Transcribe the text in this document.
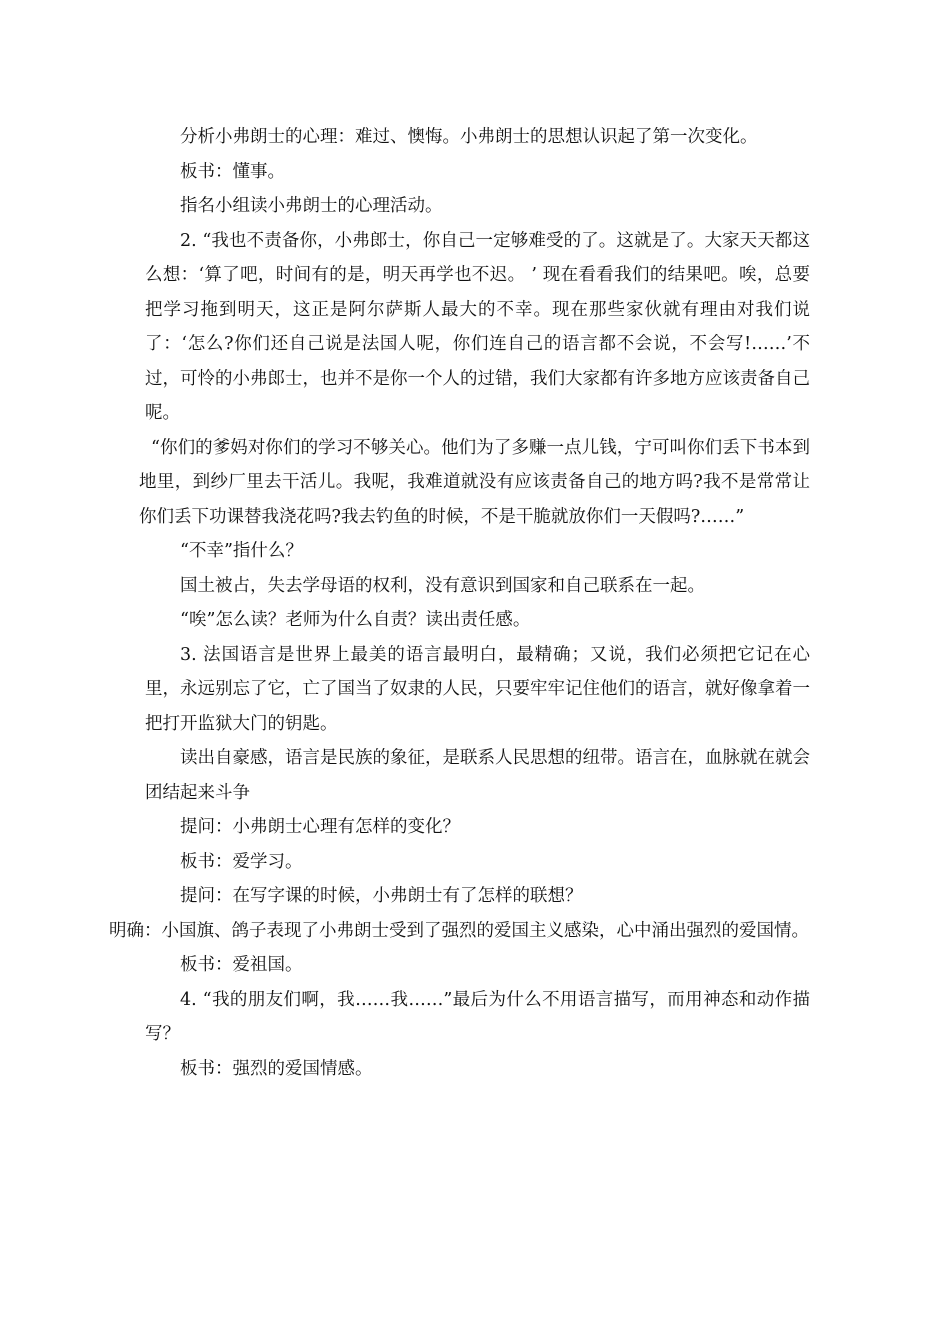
分析小弗朗士的心理：难过、懊悔。小弗朗士的思想认识起了第一次变化。

板书：懂事。

指名小组读小弗朗士的心理活动。

2. “我也不责备你，小弗郎士，你自己一定够难受的了。这就是了。大家天天都这么想：‘算了吧，时间有的是，明天再学也不迟。 ’ 现在看看我们的结果吧。唉，总要把学习拖到明天，这正是阿尔萨斯人最大的不幸。现在那些家伙就有理由对我们说了：‘怎么?你们还自己说是法国人呢，你们连自己的语言都不会说，不会写!……’不过，可怜的小弗郎士，也并不是你一个人的过错，我们大家都有许多地方应该责备自己呢。

“你们的爹妈对你们的学习不够关心。他们为了多赚一点儿钱，宁可叫你们丢下书本到地里，到纱厂里去干活儿。我呢，我难道就没有应该责备自己的地方吗?我不是常常让你们丢下功课替我浇花吗?我去钓鱼的时候，不是干脆就放你们一天假吗?……”

“不幸”指什么？

国土被占，失去学母语的权利，没有意识到国家和自己联系在一起。

“唉”怎么读？老师为什么自责？读出责任感。

3. 法国语言是世界上最美的语言最明白，最精确；又说，我们必须把它记在心里，永远别忘了它，亡了国当了奴隶的人民，只要牢牢记住他们的语言，就好像拿着一把打开监狱大门的钥匙。

读出自豪感，语言是民族的象征，是联系人民思想的纽带。语言在，血脉就在就会团结起来斗争

提问：小弗朗士心理有怎样的变化？

板书：爱学习。

提问：在写字课的时候，小弗朗士有了怎样的联想？

明确：小国旗、鸽子表现了小弗朗士受到了强烈的爱国主义感染，心中涌出强烈的爱国情。

板书：爱祖国。

4. “我的朋友们啊，我……我……”最后为什么不用语言描写，而用神态和动作描写？

板书：强烈的爱国情感。
